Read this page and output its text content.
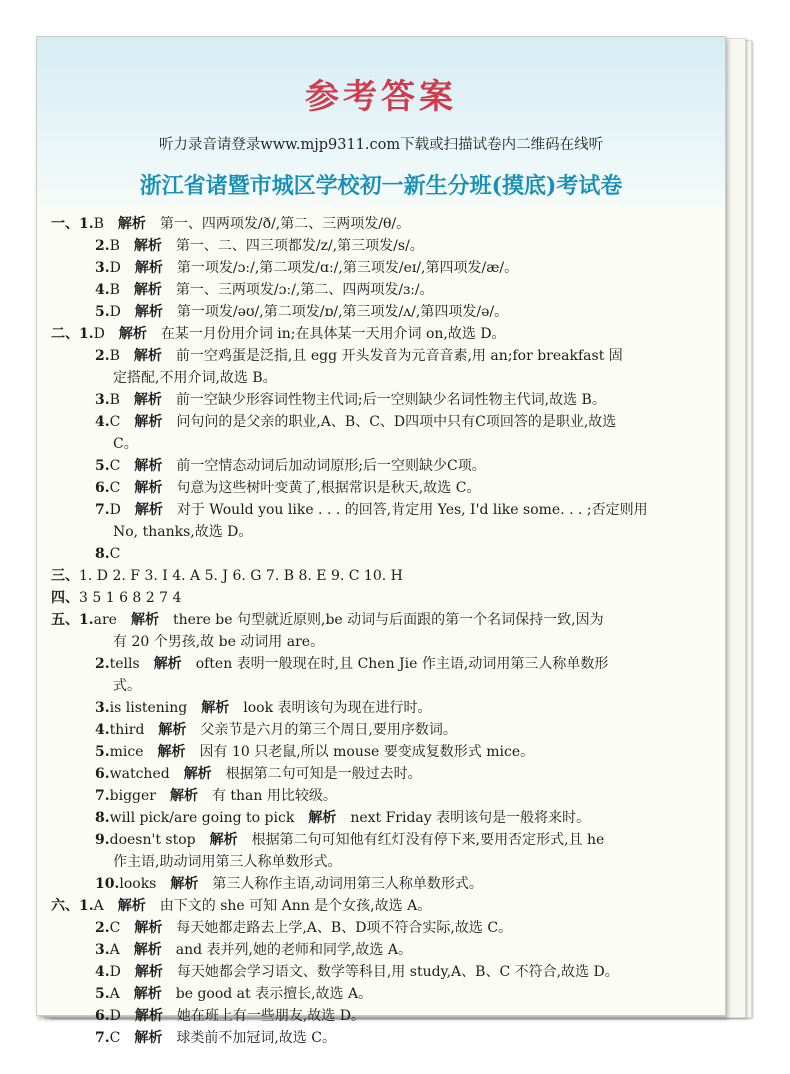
参考答案
听力录音请登录www.mjp9311.com下载或扫描试卷内二维码在线听
浙江省诸暨市城区学校初一新生分班(摸底)考试卷
一、1.B 解析 第一、四两项发/ð/,第二、三两项发/θ/。
2.B 解析 第一、二、四三项都发/z/,第三项发/s/。
3.D 解析 第一项发/ɔː/,第二项发/ɑː/,第三项发/eɪ/,第四项发/æ/。
4.B 解析 第一、三两项发/ɔː/,第二、四两项发/ɜː/。
5.D 解析 第一项发/əʊ/,第二项发/ɒ/,第三项发/ʌ/,第四项发/ə/。
二、1.D 解析 在某一月份用介词 in;在具体某一天用介词 on,故选 D。
2.B 解析 前一空鸡蛋是泛指,且 egg 开头发音为元音音素,用 an;for breakfast 固
定搭配,不用介词,故选 B。
3.B 解析 前一空缺少形容词性物主代词;后一空则缺少名词性物主代词,故选 B。
4.C 解析 问句问的是父亲的职业,A、B、C、D四项中只有C项回答的是职业,故选
C。
5.C 解析 前一空情态动词后加动词原形;后一空则缺少C项。
6.C 解析 句意为这些树叶变黄了,根据常识是秋天,故选 C。
7.D 解析 对于 Would you like . . . 的回答,肯定用 Yes, I'd like some. . . ;否定则用
No, thanks,故选 D。
8.C
三、1. D 2. F 3. I 4. A 5. J 6. G 7. B 8. E 9. C 10. H
四、3 5 1 6 8 2 7 4
五、1.are 解析 there be 句型就近原则,be 动词与后面跟的第一个名词保持一致,因为
有 20 个男孩,故 be 动词用 are。
2.tells 解析 often 表明一般现在时,且 Chen Jie 作主语,动词用第三人称单数形
式。
3.is listening 解析 look 表明该句为现在进行时。
4.third 解析 父亲节是六月的第三个周日,要用序数词。
5.mice 解析 因有 10 只老鼠,所以 mouse 要变成复数形式 mice。
6.watched 解析 根据第二句可知是一般过去时。
7.bigger 解析 有 than 用比较级。
8.will pick/are going to pick 解析 next Friday 表明该句是一般将来时。
9.doesn't stop 解析 根据第二句可知他有红灯没有停下来,要用否定形式,且 he
作主语,助动词用第三人称单数形式。
10.looks 解析 第三人称作主语,动词用第三人称单数形式。
六、1.A 解析 由下文的 she 可知 Ann 是个女孩,故选 A。
2.C 解析 每天她都走路去上学,A、B、D项不符合实际,故选 C。
3.A 解析 and 表并列,她的老师和同学,故选 A。
4.D 解析 每天她都会学习语文、数学等科目,用 study,A、B、C 不符合,故选 D。
5.A 解析 be good at 表示擅长,故选 A。
6.D 解析 她在班上有一些朋友,故选 D。
7.C 解析 球类前不加冠词,故选 C。
